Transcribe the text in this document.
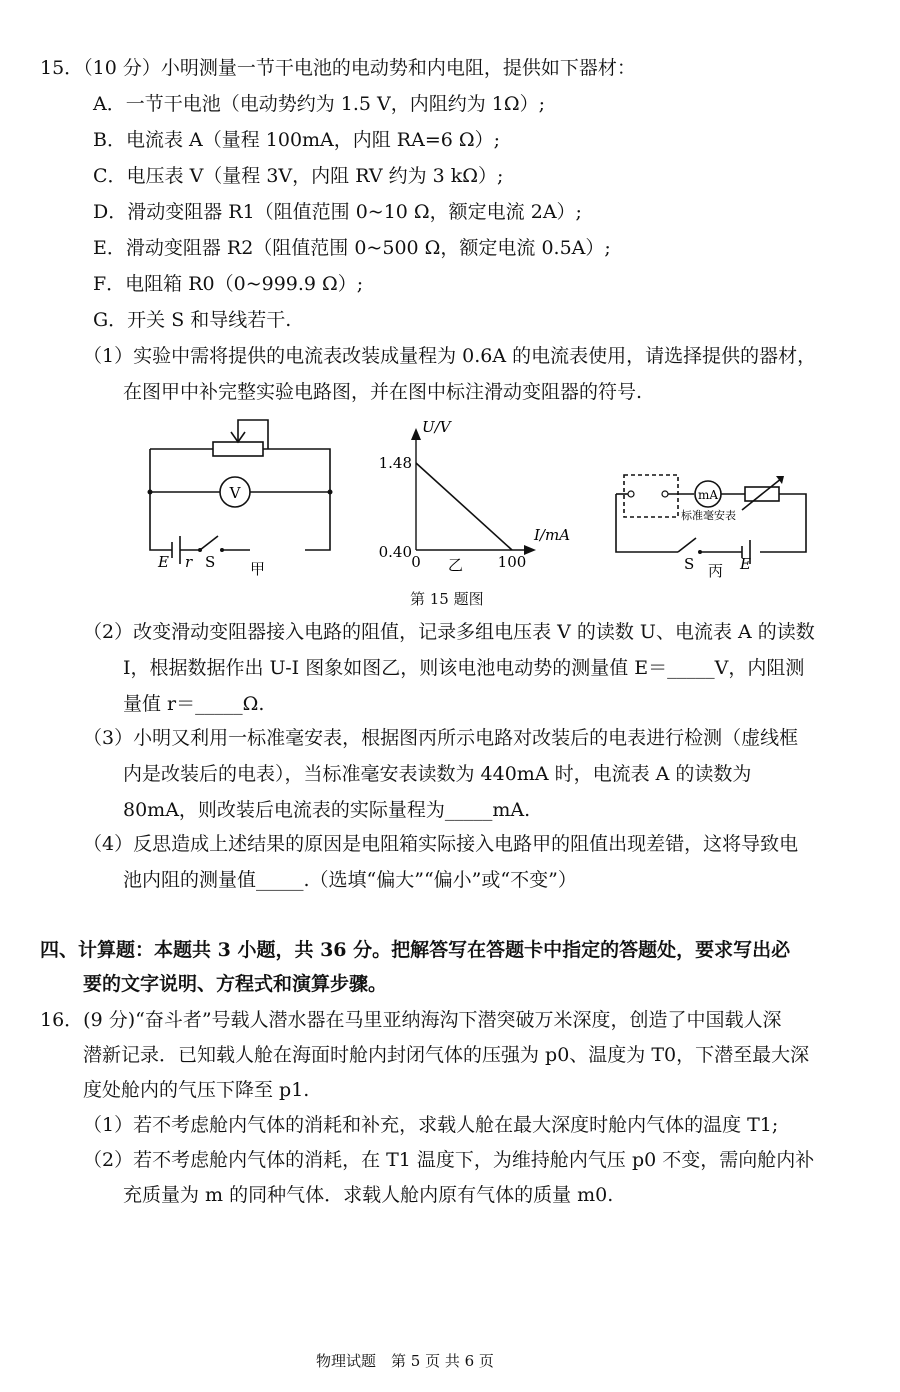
15．（10 分）小明测量一节干电池的电动势和内电阻，提供如下器材：
A．一节干电池（电动势约为 1.5 V，内阻约为 1Ω）;
B．电流表 A（量程 100mA，内阻 RA=6 Ω）;
C．电压表 V（量程 3V，内阻 RV 约为 3 kΩ）;
D．滑动变阻器 R1（阻值范围 0~10 Ω，额定电流 2A）;
E．滑动变阻器 R2（阻值范围 0~500 Ω，额定电流 0.5A）;
F．电阻箱 R0（0~999.9 Ω）;
G．开关 S 和导线若干.
（1）实验中需将提供的电流表改装成量程为 0.6A 的电流表使用，请选择提供的器材，
在图甲中补完整实验电路图，并在图中标注滑动变阻器的符号.
V
E r S 甲
U/V
I/mA
1.48
0.40
0	100
乙
mA
标准毫安表
S	E
丙
第 15 题图
（2）改变滑动变阻器接入电路的阻值，记录多组电压表 V 的读数 U、电流表 A 的读数
I，根据数据作出 U-I 图象如图乙，则该电池电动势的测量值 E＝_____V，内阻测
量值 r＝_____Ω.
（3）小明又利用一标准毫安表，根据图丙所示电路对改装后的电表进行检测（虚线框
内是改装后的电表），当标准毫安表读数为 440mA 时，电流表 A 的读数为
80mA，则改装后电流表的实际量程为_____mA.
（4）反思造成上述结果的原因是电阻箱实际接入电路甲的阻值出现差错，这将导致电
池内阻的测量值_____.（选填“偏大”“偏小”或“不变”）
四、计算题：本题共 3 小题，共 36 分。把解答写在答题卡中指定的答题处，要求写出必
要的文字说明、方程式和演算步骤。
16．(9 分)“奋斗者”号载人潜水器在马里亚纳海沟下潜突破万米深度，创造了中国载人深
潜新记录．已知载人舱在海面时舱内封闭气体的压强为 p0、温度为 T0，下潜至最大深
度处舱内的气压下降至 p1.
（1）若不考虑舱内气体的消耗和补充，求载人舱在最大深度时舱内气体的温度 T1;
（2）若不考虑舱内气体的消耗，在 T1 温度下，为维持舱内气压 p0 不变，需向舱内补
充质量为 m 的同种气体．求载人舱内原有气体的质量 m0.
物理试题　第 5 页 共 6 页
